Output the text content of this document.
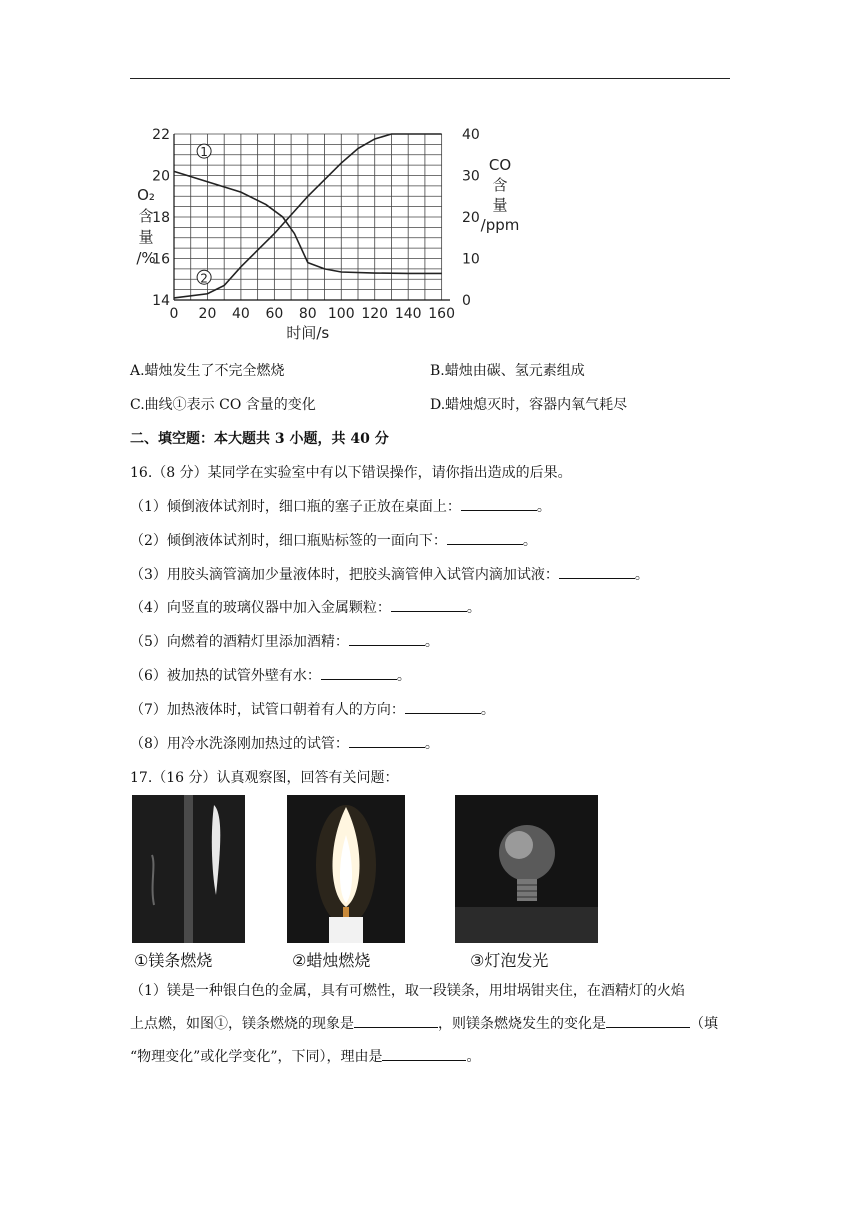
0 20 40 60 80 100 120 140 160
14
16
18
20
22
0
10
20
30
40
时间/s
O₂
含
量
/%
CO
含
量
/ppm
1
2
A.蜡烛发生了不完全燃烧	B.蜡烛由碳、氢元素组成
C.曲线①表示 CO 含量的变化	D.蜡烛熄灭时，容器内氧气耗尽
二、填空题：本大题共 3 小题，共 40 分
16.（8 分）某同学在实验室中有以下错误操作，请你指出造成的后果。
（1）倾倒液体试剂时，细口瓶的塞子正放在桌面上：	。
（2）倾倒液体试剂时，细口瓶贴标签的一面向下：	。
（3）用胶头滴管滴加少量液体时，把胶头滴管伸入试管内滴加试液：	。
（4）向竖直的玻璃仪器中加入金属颗粒：	。
（5）向燃着的酒精灯里添加酒精：	。
（6）被加热的试管外壁有水：	。
（7）加热液体时，试管口朝着有人的方向：	。
（8）用冷水洗涤刚加热过的试管：	。
17.（16 分）认真观察图，回答有关问题：
①镁条燃烧	②蜡烛燃烧	③灯泡发光
（1）镁是一种银白色的金属，具有可燃性，取一段镁条，用坩埚钳夹住，在酒精灯的火焰
上点燃，如图①，镁条燃烧的现象是	，则镁条燃烧发生的变化是	（填
“物理变化”或化学变化”，下同），理由是	。
